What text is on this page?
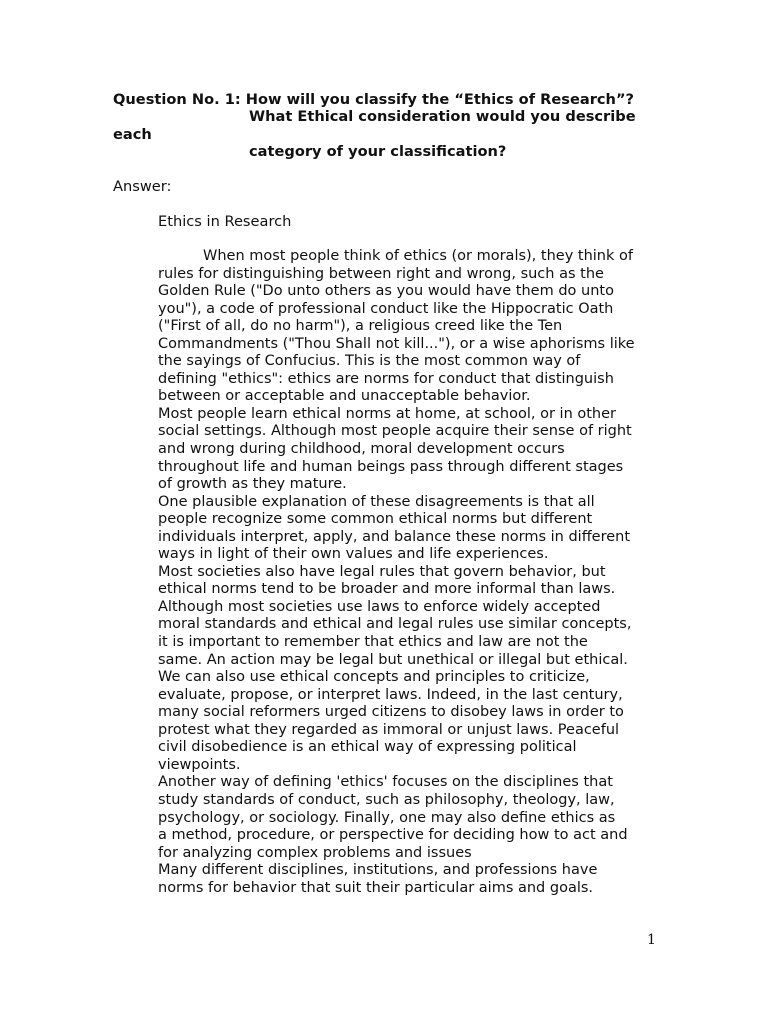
Question No. 1: How will you classify the “Ethics of Research”?
What Ethical consideration would you describe
each
category of your classification?
Answer:
Ethics in Research
When most people think of ethics (or morals), they think of
rules for distinguishing between right and wrong, such as the
Golden Rule ("Do unto others as you would have them do unto
you"), a code of professional conduct like the Hippocratic Oath
("First of all, do no harm"), a religious creed like the Ten
Commandments ("Thou Shall not kill..."), or a wise aphorisms like
the sayings of Confucius. This is the most common way of
defining "ethics": ethics are norms for conduct that distinguish
between or acceptable and unacceptable behavior.
Most people learn ethical norms at home, at school, or in other
social settings. Although most people acquire their sense of right
and wrong during childhood, moral development occurs
throughout life and human beings pass through different stages
of growth as they mature.
One plausible explanation of these disagreements is that all
people recognize some common ethical norms but different
individuals interpret, apply, and balance these norms in different
ways in light of their own values and life experiences.
Most societies also have legal rules that govern behavior, but
ethical norms tend to be broader and more informal than laws.
Although most societies use laws to enforce widely accepted
moral standards and ethical and legal rules use similar concepts,
it is important to remember that ethics and law are not the
same. An action may be legal but unethical or illegal but ethical.
We can also use ethical concepts and principles to criticize,
evaluate, propose, or interpret laws. Indeed, in the last century,
many social reformers urged citizens to disobey laws in order to
protest what they regarded as immoral or unjust laws. Peaceful
civil disobedience is an ethical way of expressing political
viewpoints.
Another way of defining 'ethics' focuses on the disciplines that
study standards of conduct, such as philosophy, theology, law,
psychology, or sociology. Finally, one may also define ethics as
a method, procedure, or perspective for deciding how to act and
for analyzing complex problems and issues
Many different disciplines, institutions, and professions have
norms for behavior that suit their particular aims and goals.
1
